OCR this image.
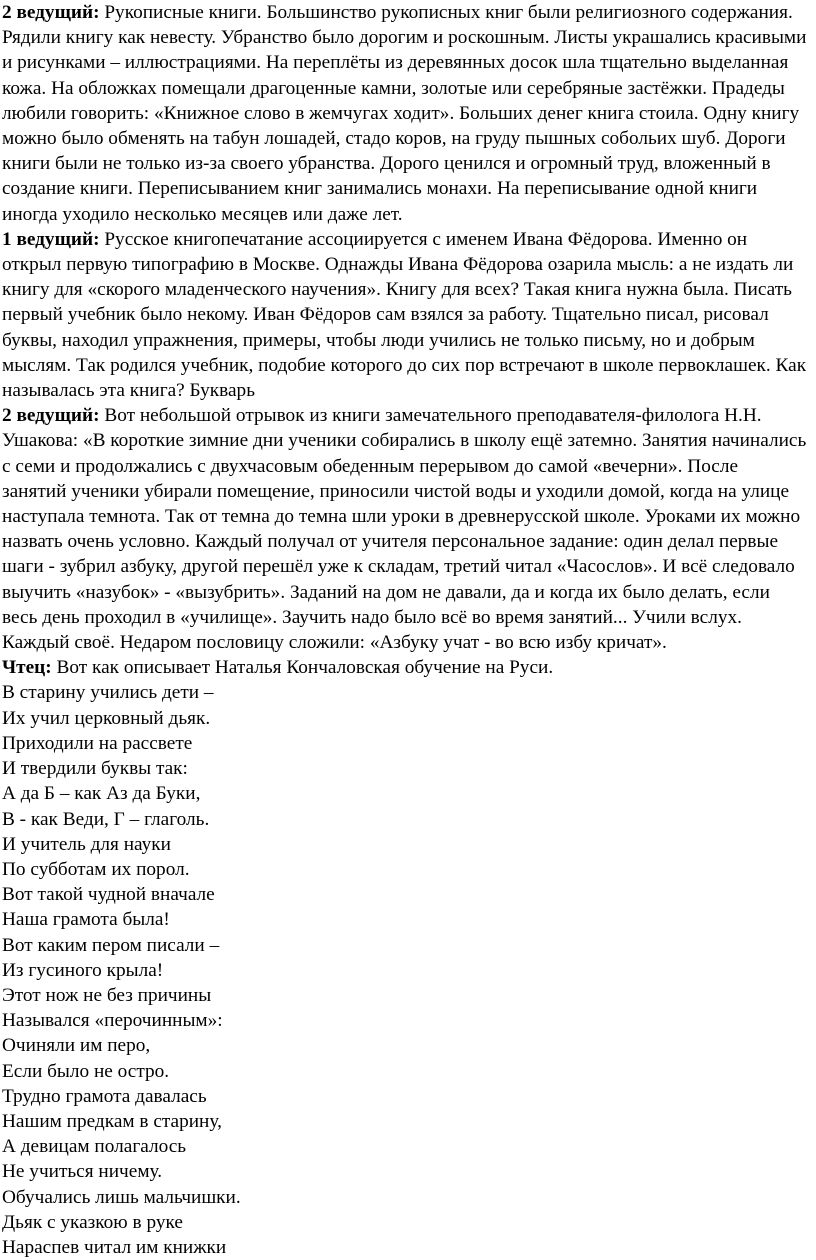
2 ведущий: Рукописные книги. Большинство рукописных книг были религиозного содержания. Рядили книгу как невесту. Убранство было дорогим и роскошным. Листы украшались красивыми и рисунками – иллюстрациями. На переплёты из деревянных досок шла тщательно выделанная кожа. На обложках помещали драгоценные камни, золотые или серебряные застёжки. Прадеды любили говорить: «Книжное слово в жемчугах ходит». Больших денег книга стоила. Одну книгу можно было обменять на табун лошадей, стадо коров, на груду пышных собольих шуб. Дороги книги были не только из-за своего убранства. Дорого ценился и огромный труд, вложенный в создание книги. Переписыванием книг занимались монахи. На переписывание одной книги иногда уходило несколько месяцев или даже лет.

1 ведущий: Русское книгопечатание ассоциируется с именем Ивана Фёдорова. Именно он открыл первую типографию в Москве. Однажды Ивана Фёдорова озарила мысль: а не издать ли книгу для «скорого младенческого научения». Книгу для всех? Такая книга нужна была. Писать первый учебник было некому. Иван Фёдоров сам взялся за работу. Тщательно писал, рисовал буквы, находил упражнения, примеры, чтобы люди учились не только письму, но и добрым мыслям. Так родился учебник, подобие которого до сих пор встречают в школе первоклашек. Как называлась эта книга? Букварь

2 ведущий: Вот небольшой отрывок из книги замечательного преподавателя-филолога Н.Н. Ушакова: «В короткие зимние дни ученики собирались в школу ещё затемно. Занятия начинались с семи и продолжались с двухчасовым обеденным перерывом до самой «вечерни». После занятий ученики убирали помещение, приносили чистой воды и уходили домой, когда на улице наступала темнота. Так от темна до темна шли уроки в древнерусской школе. Уроками их можно назвать очень условно. Каждый получал от учителя персональное задание: один делал первые шаги - зубрил азбуку, другой перешёл уже к складам, третий читал «Часослов». И всё следовало выучить «назубок» - «вызубрить». Заданий на дом не давали, да и когда их было делать, если весь день проходил в «училище». Заучить надо было всё во время занятий... Учили вслух. Каждый своё. Недаром пословицу сложили: «Азбуку учат - во всю избу кричат».

Чтец: Вот как описывает Наталья Кончаловская обучение на Руси.

В старину учились дети –
Их учил церковный дьяк.
Приходили на рассвете
И твердили буквы так:
А да Б – как Аз да Буки,
В - как Веди, Г – глаголь.
И учитель для науки
По субботам их порол.
Вот такой чудной вначале
Наша грамота была!
Вот каким пером писали –
Из гусиного крыла!
Этот нож не без причины
Назывался «перочинным»:
Очиняли им перо,
Если было не остро.
Трудно грамота давалась
Нашим предкам в старину,
А девицам полагалось
Не учиться ничему.
Обучались лишь мальчишки.
Дьяк с указкою в руке
Нараспев читал им книжки
